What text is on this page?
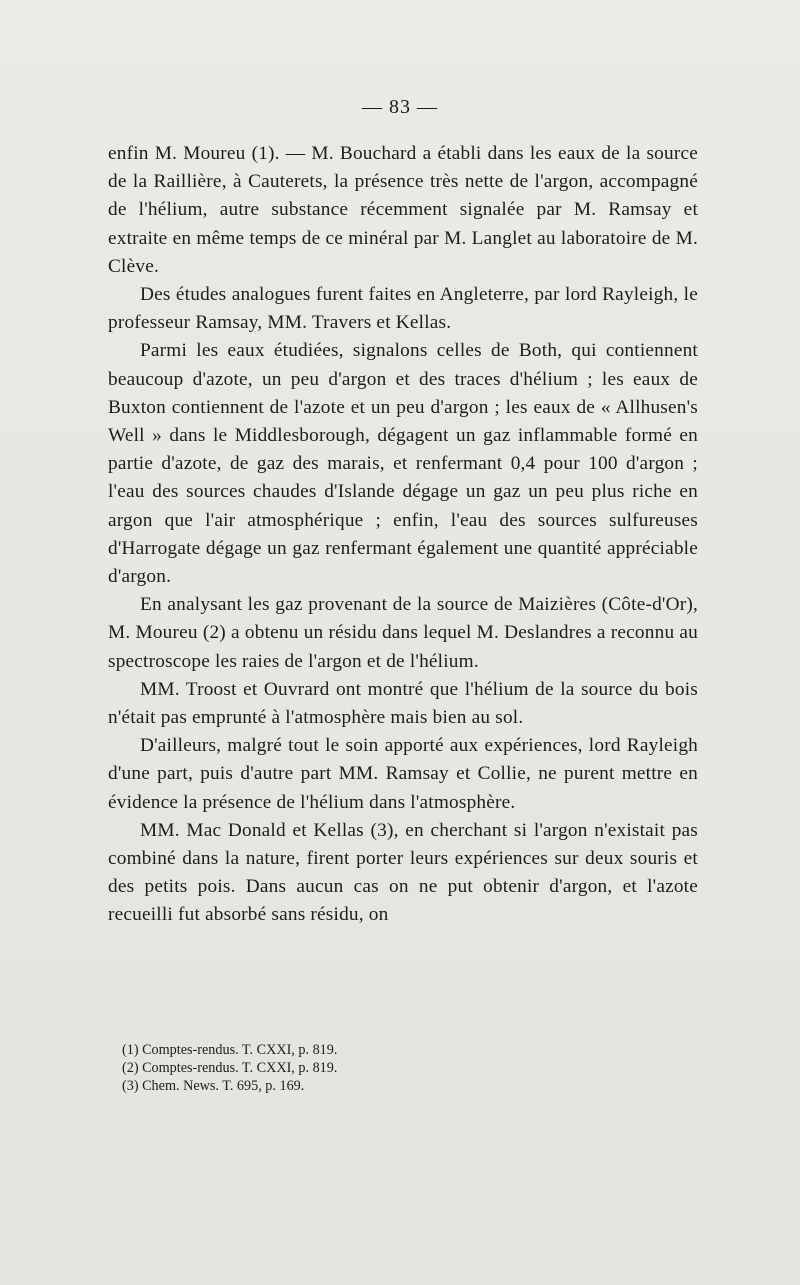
— 83 —

enfin M. Moureu (1). — M. Bouchard a établi dans les eaux de la source de la Raillière, à Cauterets, la présence très nette de l'argon, accompagné de l'hélium, autre substance récemment signalée par M. Ramsay et extraite en même temps de ce minéral par M. Langlet au laboratoire de M. Clève.

Des études analogues furent faites en Angleterre, par lord Rayleigh, le professeur Ramsay, MM. Travers et Kellas.

Parmi les eaux étudiées, signalons celles de Both, qui contiennent beaucoup d'azote, un peu d'argon et des traces d'hélium ; les eaux de Buxton contiennent de l'azote et un peu d'argon ; les eaux de « Allhusen's Well » dans le Middlesborough, dégagent un gaz inflammable formé en partie d'azote, de gaz des marais, et renfermant 0,4 pour 100 d'argon ; l'eau des sources chaudes d'Islande dégage un gaz un peu plus riche en argon que l'air atmosphérique ; enfin, l'eau des sources sulfureuses d'Harrogate dégage un gaz renfermant également une quantité appréciable d'argon.

En analysant les gaz provenant de la source de Maizières (Côte-d'Or), M. Moureu (2) a obtenu un résidu dans lequel M. Deslandres a reconnu au spectroscope les raies de l'argon et de l'hélium.

MM. Troost et Ouvrard ont montré que l'hélium de la source du bois n'était pas emprunté à l'atmosphère mais bien au sol.

D'ailleurs, malgré tout le soin apporté aux expériences, lord Rayleigh d'une part, puis d'autre part MM. Ramsay et Collie, ne purent mettre en évidence la présence de l'hélium dans l'atmosphère.

MM. Mac Donald et Kellas (3), en cherchant si l'argon n'existait pas combiné dans la nature, firent porter leurs expériences sur deux souris et des petits pois. Dans aucun cas on ne put obtenir d'argon, et l'azote recueilli fut absorbé sans résidu, on

(1) Comptes-rendus. T. CXXI, p. 819.

(2) Comptes-rendus. T. CXXI, p. 819.

(3) Chem. News. T. 695, p. 169.
